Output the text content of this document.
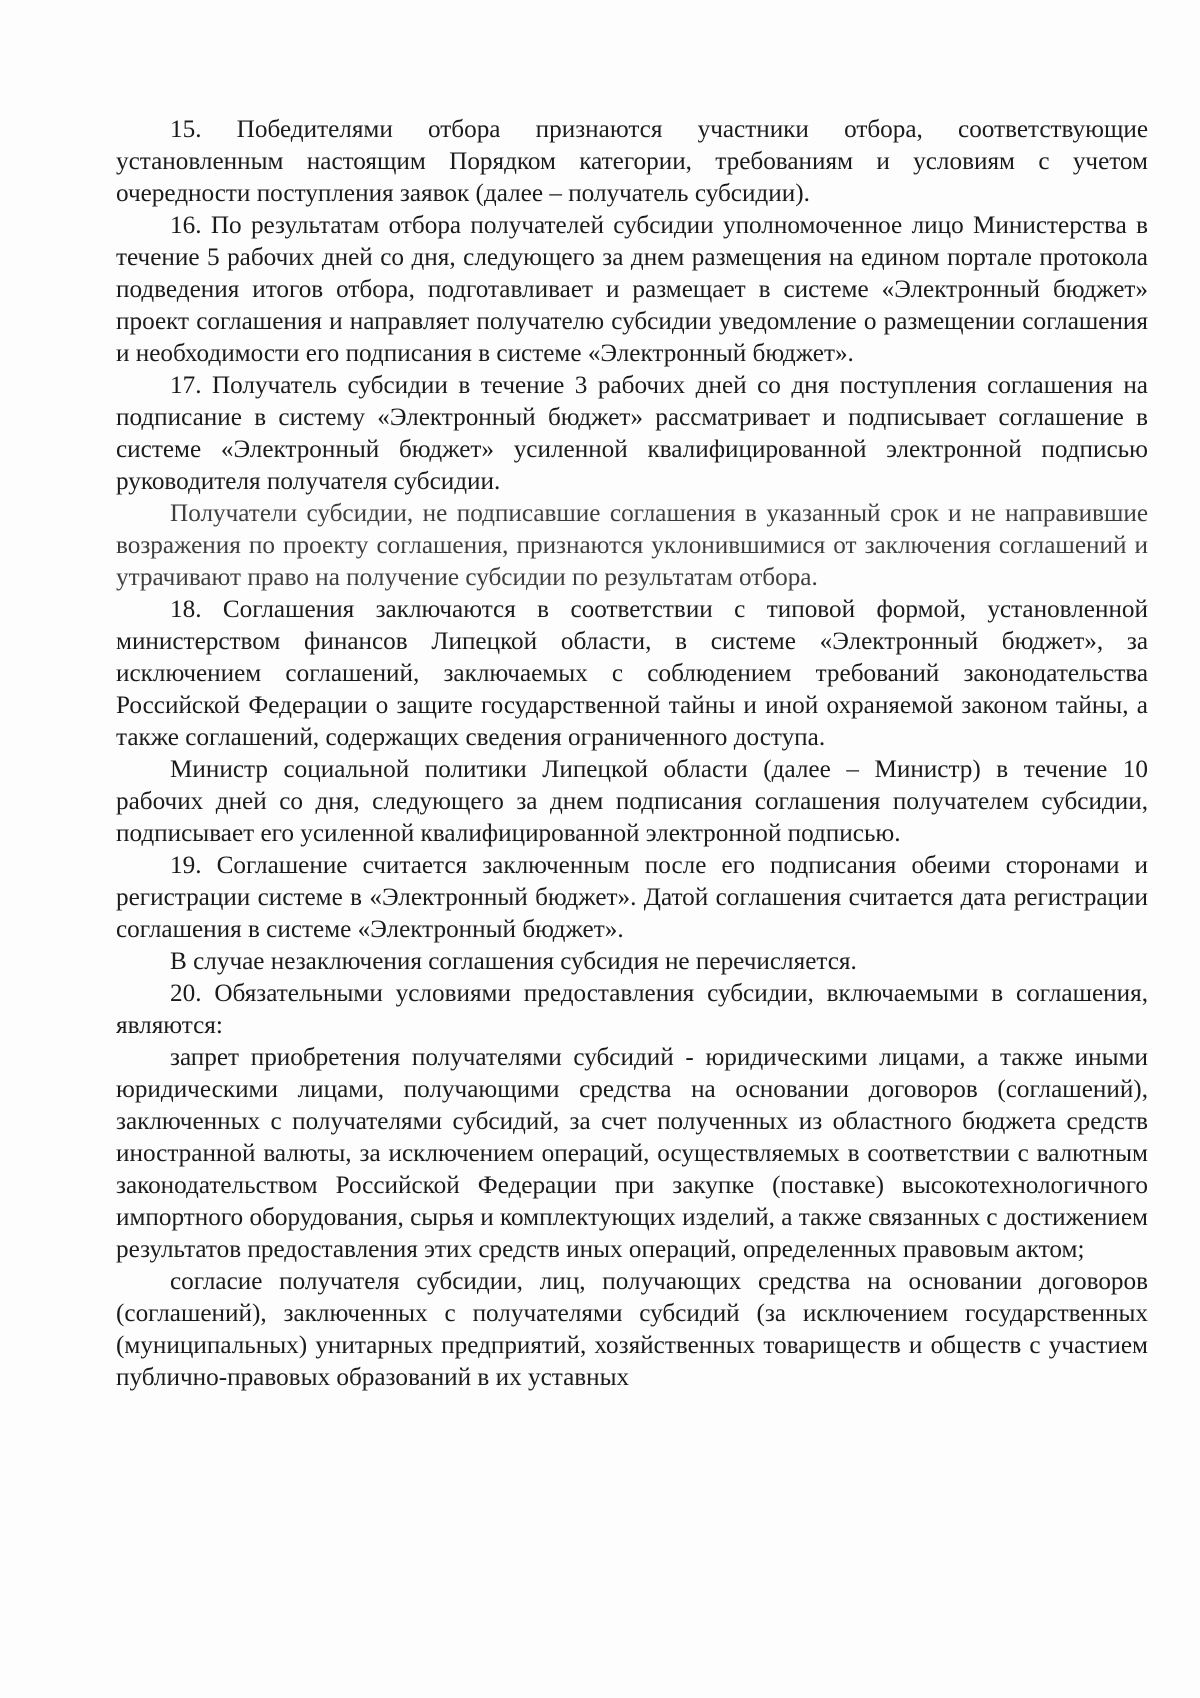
15. Победителями отбора признаются участники отбора, соответствующие установленным настоящим Порядком категории, требованиям и условиям с учетом очередности поступления заявок (далее – получатель субсидии).

16. По результатам отбора получателей субсидии уполномоченное лицо Министерства в течение 5 рабочих дней со дня, следующего за днем размещения на едином портале протокола подведения итогов отбора, подготавливает и размещает в системе «Электронный бюджет» проект соглашения и направляет получателю субсидии уведомление о размещении соглашения и необходимости его подписания в системе «Электронный бюджет».

17. Получатель субсидии в течение 3 рабочих дней со дня поступления соглашения на подписание в систему «Электронный бюджет» рассматривает и подписывает соглашение в системе «Электронный бюджет» усиленной квалифицированной электронной подписью руководителя получателя субсидии.

Получатели субсидии, не подписавшие соглашения в указанный срок и не направившие возражения по проекту соглашения, признаются уклонившимися от заключения соглашений и утрачивают право на получение субсидии по результатам отбора.

18. Соглашения заключаются в соответствии с типовой формой, установленной министерством финансов Липецкой области, в системе «Электронный бюджет», за исключением соглашений, заключаемых с соблюдением требований законодательства Российской Федерации о защите государственной тайны и иной охраняемой законом тайны, а также соглашений, содержащих сведения ограниченного доступа.

Министр социальной политики Липецкой области (далее – Министр) в течение 10 рабочих дней со дня, следующего за днем подписания соглашения получателем субсидии, подписывает его усиленной квалифицированной электронной подписью.

19. Соглашение считается заключенным после его подписания обеими сторонами и регистрации системе в «Электронный бюджет». Датой соглашения считается дата регистрации соглашения в системе «Электронный бюджет».

В случае незаключения соглашения субсидия не перечисляется.

20. Обязательными условиями предоставления субсидии, включаемыми в соглашения, являются:

запрет приобретения получателями субсидий - юридическими лицами, а также иными юридическими лицами, получающими средства на основании договоров (соглашений), заключенных с получателями субсидий, за счет полученных из областного бюджета средств иностранной валюты, за исключением операций, осуществляемых в соответствии с валютным законодательством Российской Федерации при закупке (поставке) высокотехнологичного импортного оборудования, сырья и комплектующих изделий, а также связанных с достижением результатов предоставления этих средств иных операций, определенных правовым актом;

согласие получателя субсидии, лиц, получающих средства на основании договоров (соглашений), заключенных с получателями субсидий (за исключением государственных (муниципальных) унитарных предприятий, хозяйственных товариществ и обществ с участием публично-правовых образований в их уставных
